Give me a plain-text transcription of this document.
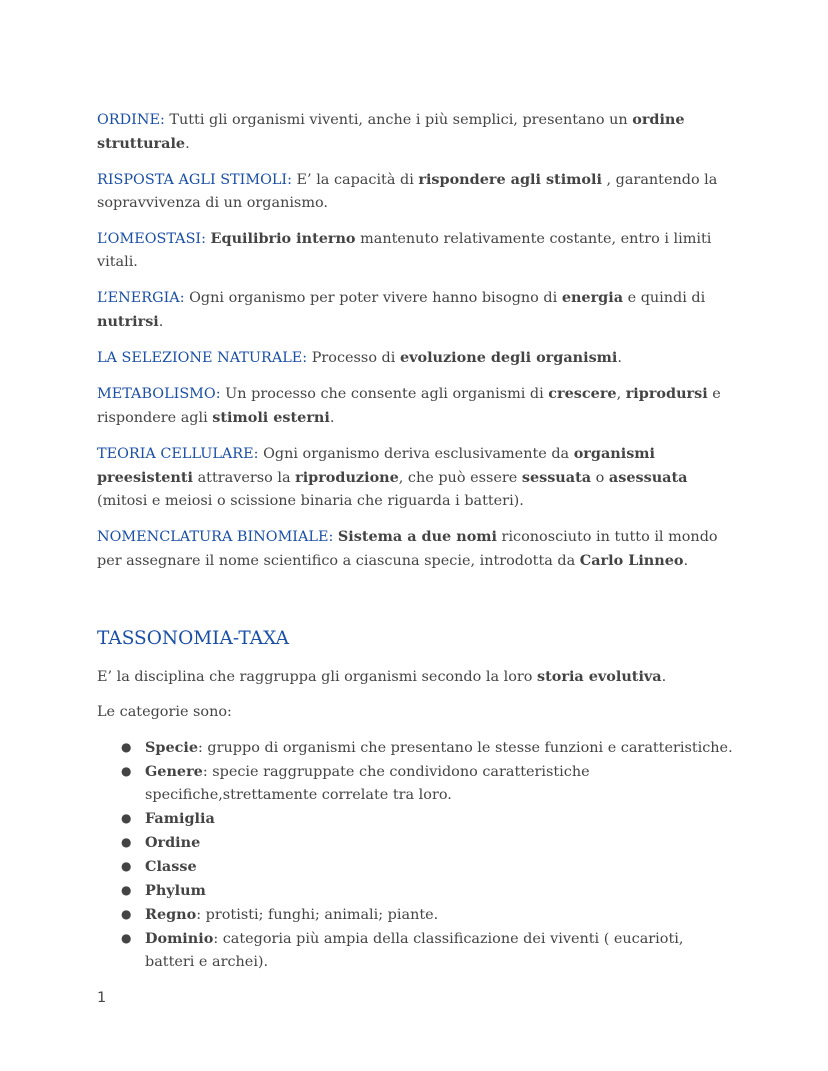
ORDINE: Tutti gli organismi viventi, anche i più semplici, presentano un ordine strutturale.

RISPOSTA AGLI STIMOLI: E’ la capacità di rispondere agli stimoli , garantendo la sopravvivenza di un organismo.

L’OMEOSTASI: Equilibrio interno mantenuto relativamente costante, entro i limiti vitali.

L’ENERGIA: Ogni organismo per poter vivere hanno bisogno di energia e quindi di nutrirsi.

LA SELEZIONE NATURALE: Processo di evoluzione degli organismi.

METABOLISMO: Un processo che consente agli organismi di crescere, riprodursi e rispondere agli stimoli esterni.

TEORIA CELLULARE: Ogni organismo deriva esclusivamente da organismi preesistenti attraverso la riproduzione, che può essere sessuata o asessuata (mitosi e meiosi o scissione binaria che riguarda i batteri).

NOMENCLATURA BINOMIALE: Sistema a due nomi riconosciuto in tutto il mondo per assegnare il nome scientifico a ciascuna specie, introdotta da Carlo Linneo.

TASSONOMIA-TAXA

E’ la disciplina che raggruppa gli organismi secondo la loro storia evolutiva.

Le categorie sono:

● Specie: gruppo di organismi che presentano le stesse funzioni e caratteristiche.
● Genere: specie raggruppate che condividono caratteristiche specifiche,strettamente correlate tra loro.
● Famiglia
● Ordine
● Classe
● Phylum
● Regno: protisti; funghi; animali; piante.
● Dominio: categoria più ampia della classificazione dei viventi ( eucarioti, batteri e archei).
1
